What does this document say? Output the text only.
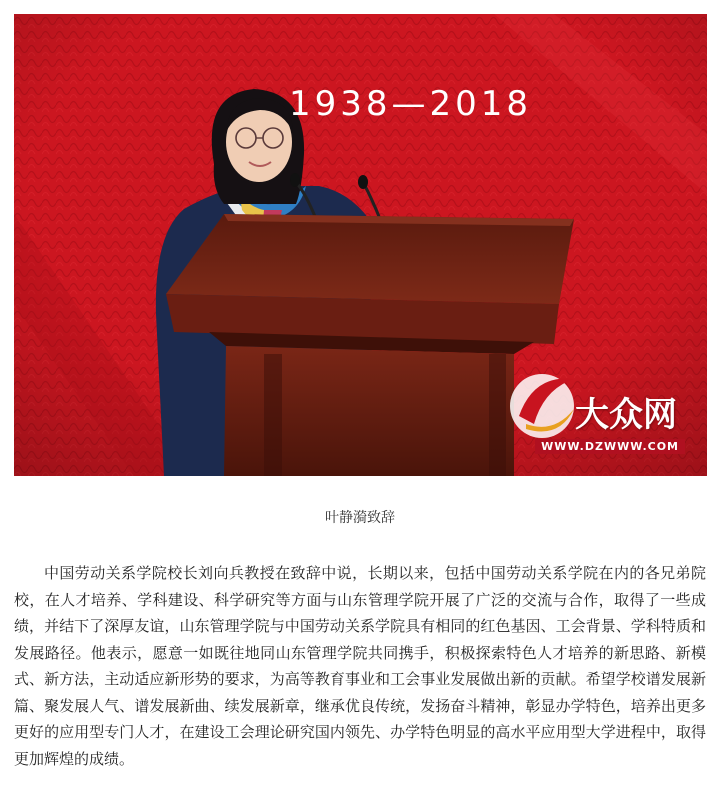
1938—2018
大众网
WWW.DZWWW.COM
叶静漪致辞

中国劳动关系学院校长刘向兵教授在致辞中说，长期以来，包括中国劳动关系学院在内的各兄弟院校，在人才培养、学科建设、科学研究等方面与山东管理学院开展了广泛的交流与合作，取得了一些成绩，并结下了深厚友谊，山东管理学院与中国劳动关系学院具有相同的红色基因、工会背景、学科特质和发展路径。他表示，愿意一如既往地同山东管理学院共同携手，积极探索特色人才培养的新思路、新模式、新方法，主动适应新形势的要求，为高等教育事业和工会事业发展做出新的贡献。希望学校谱发展新篇、聚发展人气、谱发展新曲、续发展新章，继承优良传统，发扬奋斗精神，彰显办学特色，培养出更多更好的应用型专门人才，在建设工会理论研究国内领先、办学特色明显的高水平应用型大学进程中，取得更加辉煌的成绩。
